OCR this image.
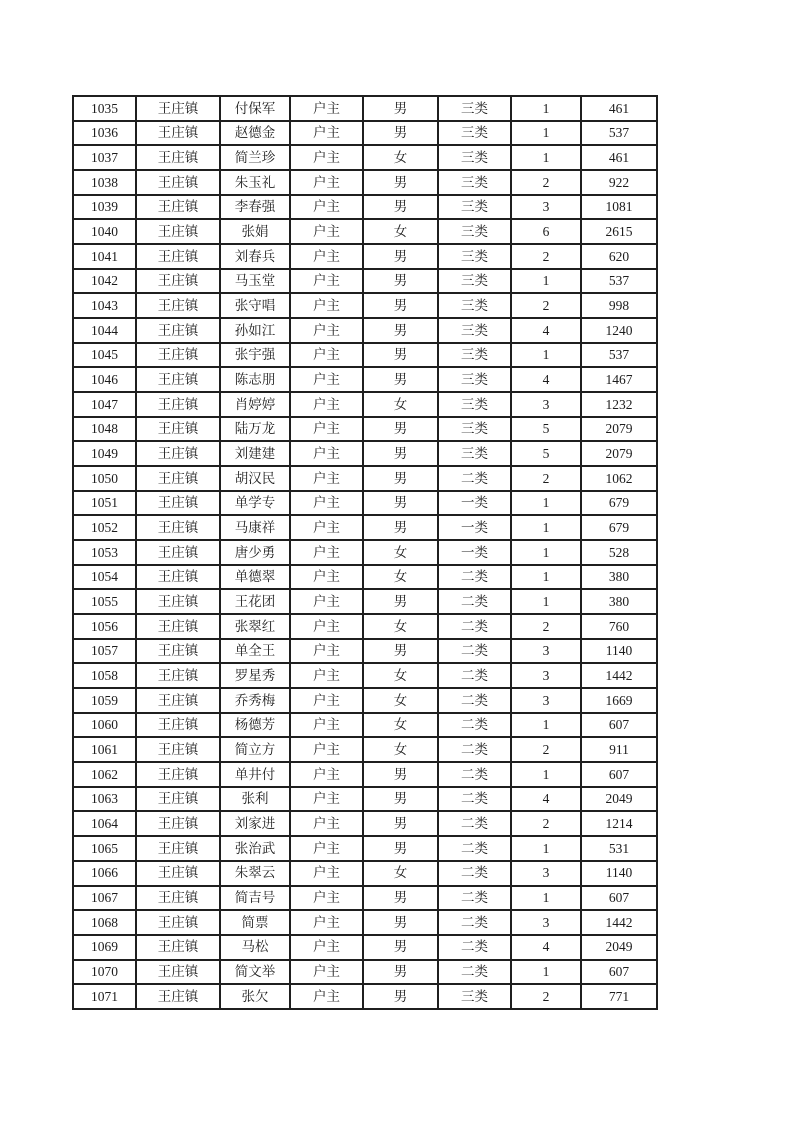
1035	王庄镇	付保军	户主	男	三类	1	461
1036	王庄镇	赵德金	户主	男	三类	1	537
1037	王庄镇	简兰珍	户主	女	三类	1	461
1038	王庄镇	朱玉礼	户主	男	三类	2	922
1039	王庄镇	李春强	户主	男	三类	3	1081
1040	王庄镇	张娟	户主	女	三类	6	2615
1041	王庄镇	刘春兵	户主	男	三类	2	620
1042	王庄镇	马玉堂	户主	男	三类	1	537
1043	王庄镇	张守唱	户主	男	三类	2	998
1044	王庄镇	孙如江	户主	男	三类	4	1240
1045	王庄镇	张宇强	户主	男	三类	1	537
1046	王庄镇	陈志朋	户主	男	三类	4	1467
1047	王庄镇	肖婷婷	户主	女	三类	3	1232
1048	王庄镇	陆万龙	户主	男	三类	5	2079
1049	王庄镇	刘建建	户主	男	三类	5	2079
1050	王庄镇	胡汉民	户主	男	二类	2	1062
1051	王庄镇	单学专	户主	男	一类	1	679
1052	王庄镇	马康祥	户主	男	一类	1	679
1053	王庄镇	唐少勇	户主	女	一类	1	528
1054	王庄镇	单德翠	户主	女	二类	1	380
1055	王庄镇	王花团	户主	男	二类	1	380
1056	王庄镇	张翠红	户主	女	二类	2	760
1057	王庄镇	单全王	户主	男	二类	3	1140
1058	王庄镇	罗星秀	户主	女	二类	3	1442
1059	王庄镇	乔秀梅	户主	女	二类	3	1669
1060	王庄镇	杨德芳	户主	女	二类	1	607
1061	王庄镇	简立方	户主	女	二类	2	911
1062	王庄镇	单井付	户主	男	二类	1	607
1063	王庄镇	张利	户主	男	二类	4	2049
1064	王庄镇	刘家进	户主	男	二类	2	1214
1065	王庄镇	张治武	户主	男	二类	1	531
1066	王庄镇	朱翠云	户主	女	二类	3	1140
1067	王庄镇	简吉号	户主	男	二类	1	607
1068	王庄镇	简票	户主	男	二类	3	1442
1069	王庄镇	马松	户主	男	二类	4	2049
1070	王庄镇	简文举	户主	男	二类	1	607
1071	王庄镇	张欠	户主	男	三类	2	771
